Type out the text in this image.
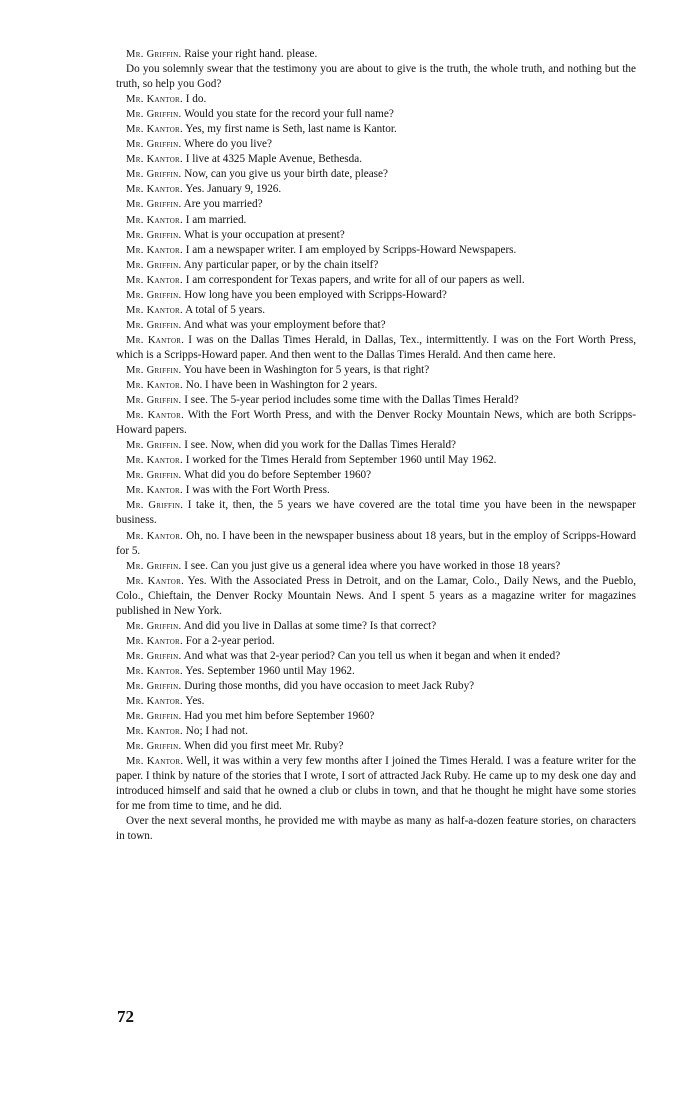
Mr. Griffin. Raise your right hand. please.

Do you solemnly swear that the testimony you are about to give is the truth, the whole truth, and nothing but the truth, so help you God?

Mr. Kantor. I do.

Mr. Griffin. Would you state for the record your full name?

Mr. Kantor. Yes, my first name is Seth, last name is Kantor.

Mr. Griffin. Where do you live?

Mr. Kantor. I live at 4325 Maple Avenue, Bethesda.

Mr. Griffin. Now, can you give us your birth date, please?

Mr. Kantor. Yes. January 9, 1926.

Mr. Griffin. Are you married?

Mr. Kantor. I am married.

Mr. Griffin. What is your occupation at present?

Mr. Kantor. I am a newspaper writer. I am employed by Scripps-Howard Newspapers.

Mr. Griffin. Any particular paper, or by the chain itself?

Mr. Kantor. I am correspondent for Texas papers, and write for all of our papers as well.

Mr. Griffin. How long have you been employed with Scripps-Howard?

Mr. Kantor. A total of 5 years.

Mr. Griffin. And what was your employment before that?

Mr. Kantor. I was on the Dallas Times Herald, in Dallas, Tex., intermittently. I was on the Fort Worth Press, which is a Scripps-Howard paper. And then went to the Dallas Times Herald. And then came here.

Mr. Griffin. You have been in Washington for 5 years, is that right?

Mr. Kantor. No. I have been in Washington for 2 years.

Mr. Griffin. I see. The 5-year period includes some time with the Dallas Times Herald?

Mr. Kantor. With the Fort Worth Press, and with the Denver Rocky Mountain News, which are both Scripps-Howard papers.

Mr. Griffin. I see. Now, when did you work for the Dallas Times Herald?

Mr. Kantor. I worked for the Times Herald from September 1960 until May 1962.

Mr. Griffin. What did you do before September 1960?

Mr. Kantor. I was with the Fort Worth Press.

Mr. Griffin. I take it, then, the 5 years we have covered are the total time you have been in the newspaper business.

Mr. Kantor. Oh, no. I have been in the newspaper business about 18 years, but in the employ of Scripps-Howard for 5.

Mr. Griffin. I see. Can you just give us a general idea where you have worked in those 18 years?

Mr. Kantor. Yes. With the Associated Press in Detroit, and on the Lamar, Colo., Daily News, and the Pueblo, Colo., Chieftain, the Denver Rocky Mountain News. And I spent 5 years as a magazine writer for magazines published in New York.

Mr. Griffin. And did you live in Dallas at some time? Is that correct?

Mr. Kantor. For a 2-year period.

Mr. Griffin. And what was that 2-year period? Can you tell us when it began and when it ended?

Mr. Kantor. Yes. September 1960 until May 1962.

Mr. Griffin. During those months, did you have occasion to meet Jack Ruby?

Mr. Kantor. Yes.

Mr. Griffin. Had you met him before September 1960?

Mr. Kantor. No; I had not.

Mr. Griffin. When did you first meet Mr. Ruby?

Mr. Kantor. Well, it was within a very few months after I joined the Times Herald. I was a feature writer for the paper. I think by nature of the stories that I wrote, I sort of attracted Jack Ruby. He came up to my desk one day and introduced himself and said that he owned a club or clubs in town, and that he thought he might have some stories for me from time to time, and he did.

Over the next several months, he provided me with maybe as many as half-a-dozen feature stories, on characters in town.

72
